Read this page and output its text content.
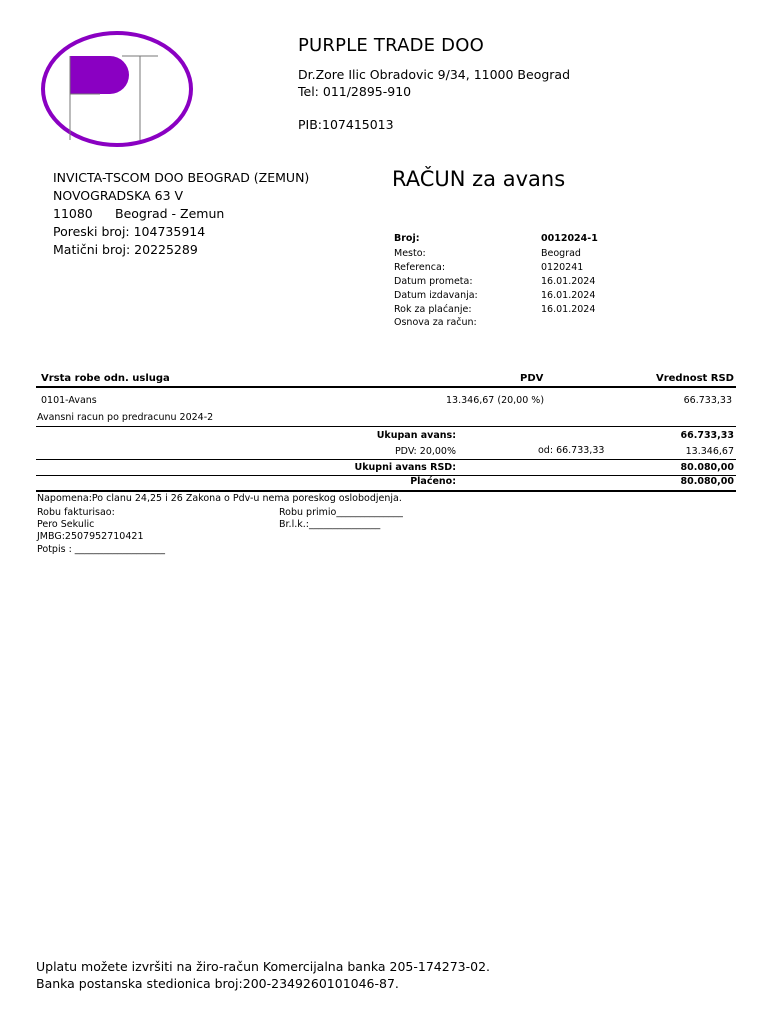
PURPLE TRADE DOO
Dr.Zore Ilic Obradovic 9/34, 11000 Beograd
Tel: 011/2895-910
PIB:107415013
INVICTA-TSCOM DOO BEOGRAD (ZEMUN)
NOVOGRADSKA 63 V
11080 Beograd - Zemun
Poreski broj: 104735914
Matični broj: 20225289
RAČUN za avans
Broj:	0012024-1
Mesto:	Beograd
Referenca:	0120241
Datum prometa:	16.01.2024
Datum izdavanja:	16.01.2024
Rok za plaćanje:	16.01.2024
Osnova za račun:
Vrsta robe odn. usluga	PDV	Vrednost RSD
0101-Avans	13.346,67 (20,00 %)	66.733,33
Avansni racun po predracunu 2024-2
Ukupan avans:	66.733,33
PDV: 20,00%	od: 66.733,33	13.346,67
Ukupni avans RSD:	80.080,00
Plaćeno:	80.080,00
Napomena:Po clanu 24,25 i 26 Zakona o Pdv-u nema poreskog oslobodjenja.
Robu fakturisao:	Robu primio______________
Pero Sekulic	Br.l.k.:_______________
JMBG:2507952710421
Potpis : ___________________
Uplatu možete izvršiti na žiro-račun Komercijalna banka 205-174273-02.
Banka postanska stedionica broj:200-2349260101046-87.
